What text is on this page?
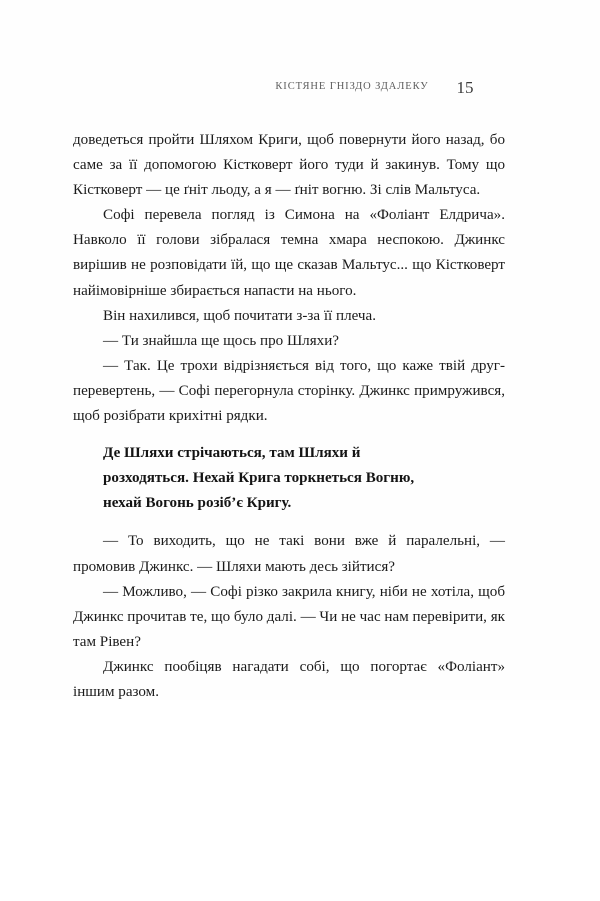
КІСТЯНЕ ГНІЗДО ЗДАЛЕКУ	15

доведеться пройти Шляхом Криги, щоб повернути його назад, бо саме за її допомогою Кістковерт його туди й закинув. Тому що Кістковерт — це ґніт льоду, а я — ґніт вогню. Зі слів Мальтуса.

Софі перевела погляд із Симона на «Фоліант Елдрича». Навколо її голови зібралася темна хмара неспокою. Джинкс вирішив не розповідати їй, що ще сказав Мальтус... що Кістковерт найімовірніше збирається напасти на нього.

Він нахилився, щоб почитати з-за її плеча.

— Ти знайшла ще щось про Шляхи?

— Так. Це трохи відрізняється від того, що каже твій друг-перевертень, — Софі перегорнула сторінку. Джинкс примружився, щоб розібрати крихітні рядки.

Де Шляхи стрічаються, там Шляхи й розходяться. Нехай Крига торкнеться Вогню, нехай Вогонь розіб’є Кригу.

— То виходить, що не такі вони вже й паралельні, — промовив Джинкс. — Шляхи мають десь зійтися?

— Можливо, — Софі різко закрила книгу, ніби не хотіла, щоб Джинкс прочитав те, що було далі. — Чи не час нам перевірити, як там Рівен?

Джинкс пообіцяв нагадати собі, що погортає «Фоліант» іншим разом.
